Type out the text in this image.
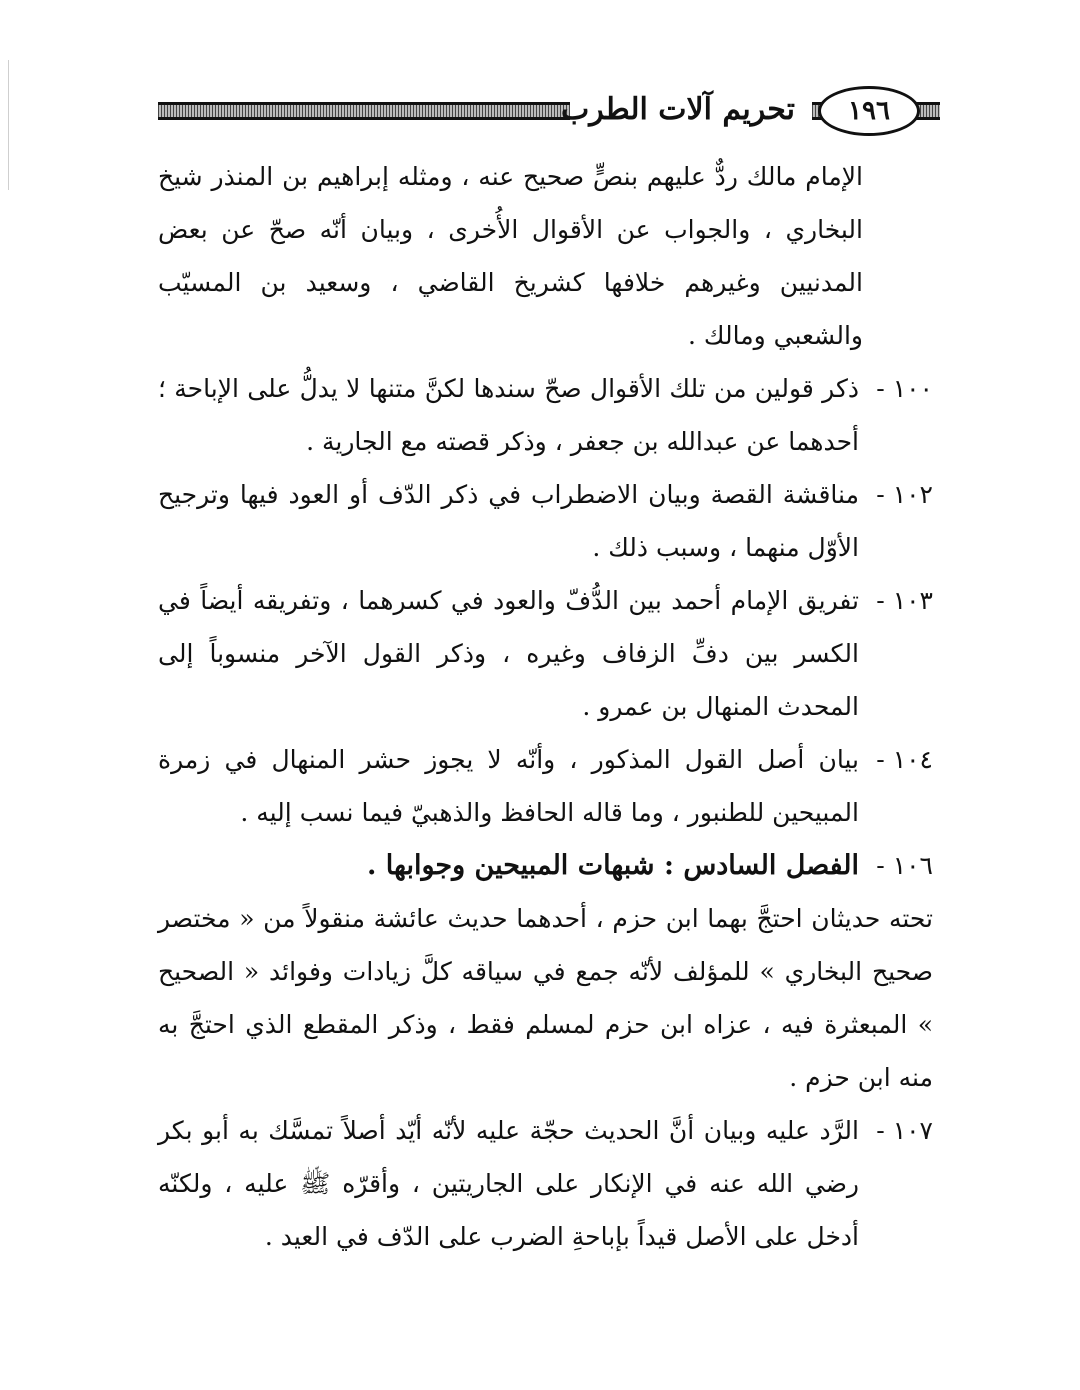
تحريم آلات الطرب	١٩٦

الإمام مالك ردٌّ عليهم بنصٍّ صحيح عنه ، ومثله إبراهيم بن المنذر شيخ البخاري ، والجواب عن الأقوال الأُخرى ، وبيان أنّه صحّ عن بعض المدنيين وغيرهم خلافها كشريخ القاضي ، وسعيد بن المسيّب والشعبي ومالك .

١٠٠ -
ذكر قولين من تلك الأقوال صحّ سندها لكنَّ متنها لا يدلُّ على الإباحة ؛ أحدهما عن عبدالله بن جعفر ، وذكر قصته مع الجارية .
١٠٢ -
مناقشة القصة وبيان الاضطراب في ذكر الدّف أو العود فيها وترجيح الأوّل منهما ، وسبب ذلك .
١٠٣ -
تفريق الإمام أحمد بين الدُّفّ والعود في كسرهما ، وتفريقه أيضاً في الكسر بين دفِّ الزفاف وغيره ، وذكر القول الآخر منسوباً إلى المحدث المنهال بن عمرو .
١٠٤ -
بيان أصل القول المذكور ، وأنّه لا يجوز حشر المنهال في زمرة المبيحين للطنبور ، وما قاله الحافظ والذهبيّ فيما نسب إليه .
١٠٦ -
الفصل السادس : شبهات المبيحين وجوابها .

تحته حديثان احتجَّ بهما ابن حزم ، أحدهما حديث عائشة منقولاً من « مختصر صحيح البخاري » للمؤلف لأنّه جمع في سياقه كلَّ زيادات وفوائد « الصحيح » المبعثرة فيه ، عزاه ابن حزم لمسلم فقط ، وذكر المقطع الذي احتجَّ به منه ابن حزم .

١٠٧ -
الرَّد عليه وبيان أنَّ الحديث حجّة عليه لأنّه أيّد أصلاً تمسَّك به أبو بكر رضي الله عنه في الإنكار على الجاريتين ، وأقرّه ﷺ عليه ، ولكنّه أدخل على الأصل قيداً بإباحةِ الضرب على الدّف في العيد .
